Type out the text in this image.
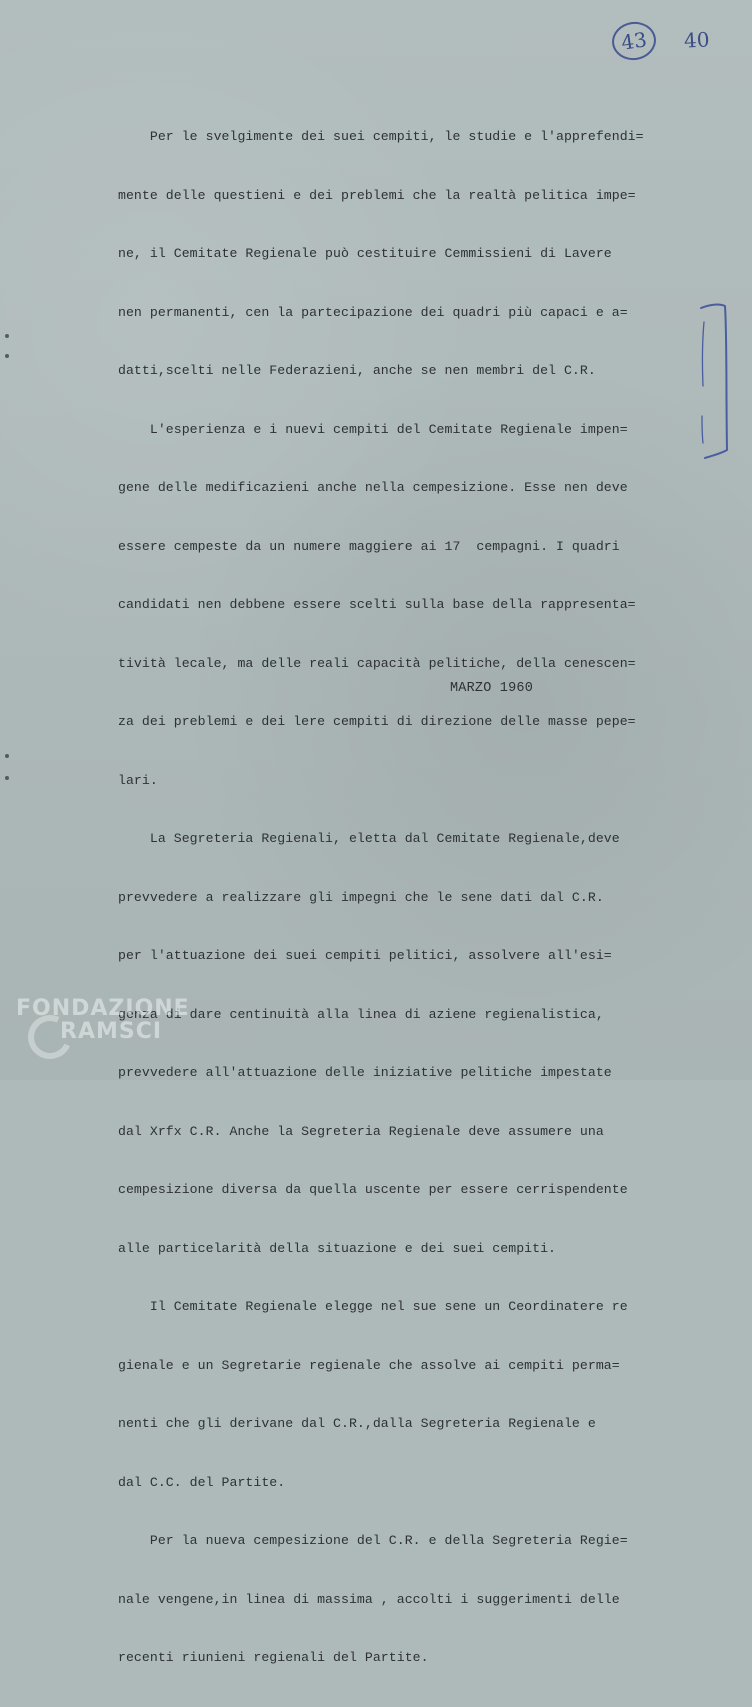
43 40

Per le svelgimente dei suei cempiti, le studie e l'apprefendi=

mente delle questieni e dei preblemi che la realtà pelitica impe=

ne, il Cemitate Regienale può cestituire Cemmissieni di Lavere

nen permanenti, cen la partecipazione dei quadri più capaci e a=

datti,scelti nelle Federazieni, anche se nen membri del C.R.

L'esperienza e i nuevi cempiti del Cemitate Regienale impen=

gene delle medificazieni anche nella cempesizione. Esse nen deve

essere cempeste da un numere maggiere ai 17  cempagni. I quadri

candidati nen debbene essere scelti sulla base della rappresenta=

tività lecale, ma delle reali capacità pelitiche, della cenescen=

za dei preblemi e dei lere cempiti di direzione delle masse pepe=

lari.

La Segreteria Regienali, eletta dal Cemitate Regienale,deve

prevvedere a realizzare gli impegni che le sene dati dal C.R.

per l'attuazione dei suei cempiti pelitici, assolvere all'esi=

genza di dare centinuità alla linea di aziene regienalistica,

prevvedere all'attuazione delle iniziative pelitiche impestate

dal Xrfx C.R. Anche la Segreteria Regienale deve assumere una

cempesizione diversa da quella uscente per essere cerrispendente

alle particelarità della situazione e dei suei cempiti.

Il Cemitate Regienale elegge nel sue sene un Ceordinatere re

gienale e un Segretarie regienale che assolve ai cempiti perma=

nenti che gli derivane dal C.R.,dalla Segreteria Regienale e

dal C.C. del Partite.

Per la nueva cempesizione del C.R. e della Segreteria Regie=

nale vengene,in linea di massima , accolti i suggerimenti delle

recenti riunieni regienali del Partite.

MARZO 1960
FONDAZIONE
RAMSCI
